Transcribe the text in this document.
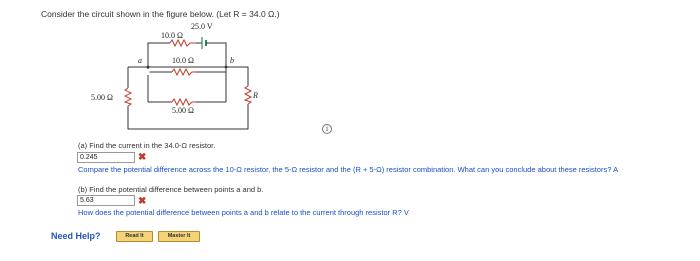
Consider the circuit shown in the figure below. (Let R = 34.0 Ω.)
25.0 V
10.0 Ω
10.0 Ω
5.00 Ω
5.00 Ω	R
a	b
i
(a) Find the current in the 34.0-Ω resistor.
0.245	✖
Compare the potential difference across the 10-Ω resistor, the 5-Ω resistor and the (R + 5-Ω) resistor combination. What can you conclude about these resistors? A
(b) Find the potential difference between points a and b.
5.63	✖
How does the potential difference between points a and b relate to the current through resistor R? V
Need Help?	Read It	Master It
